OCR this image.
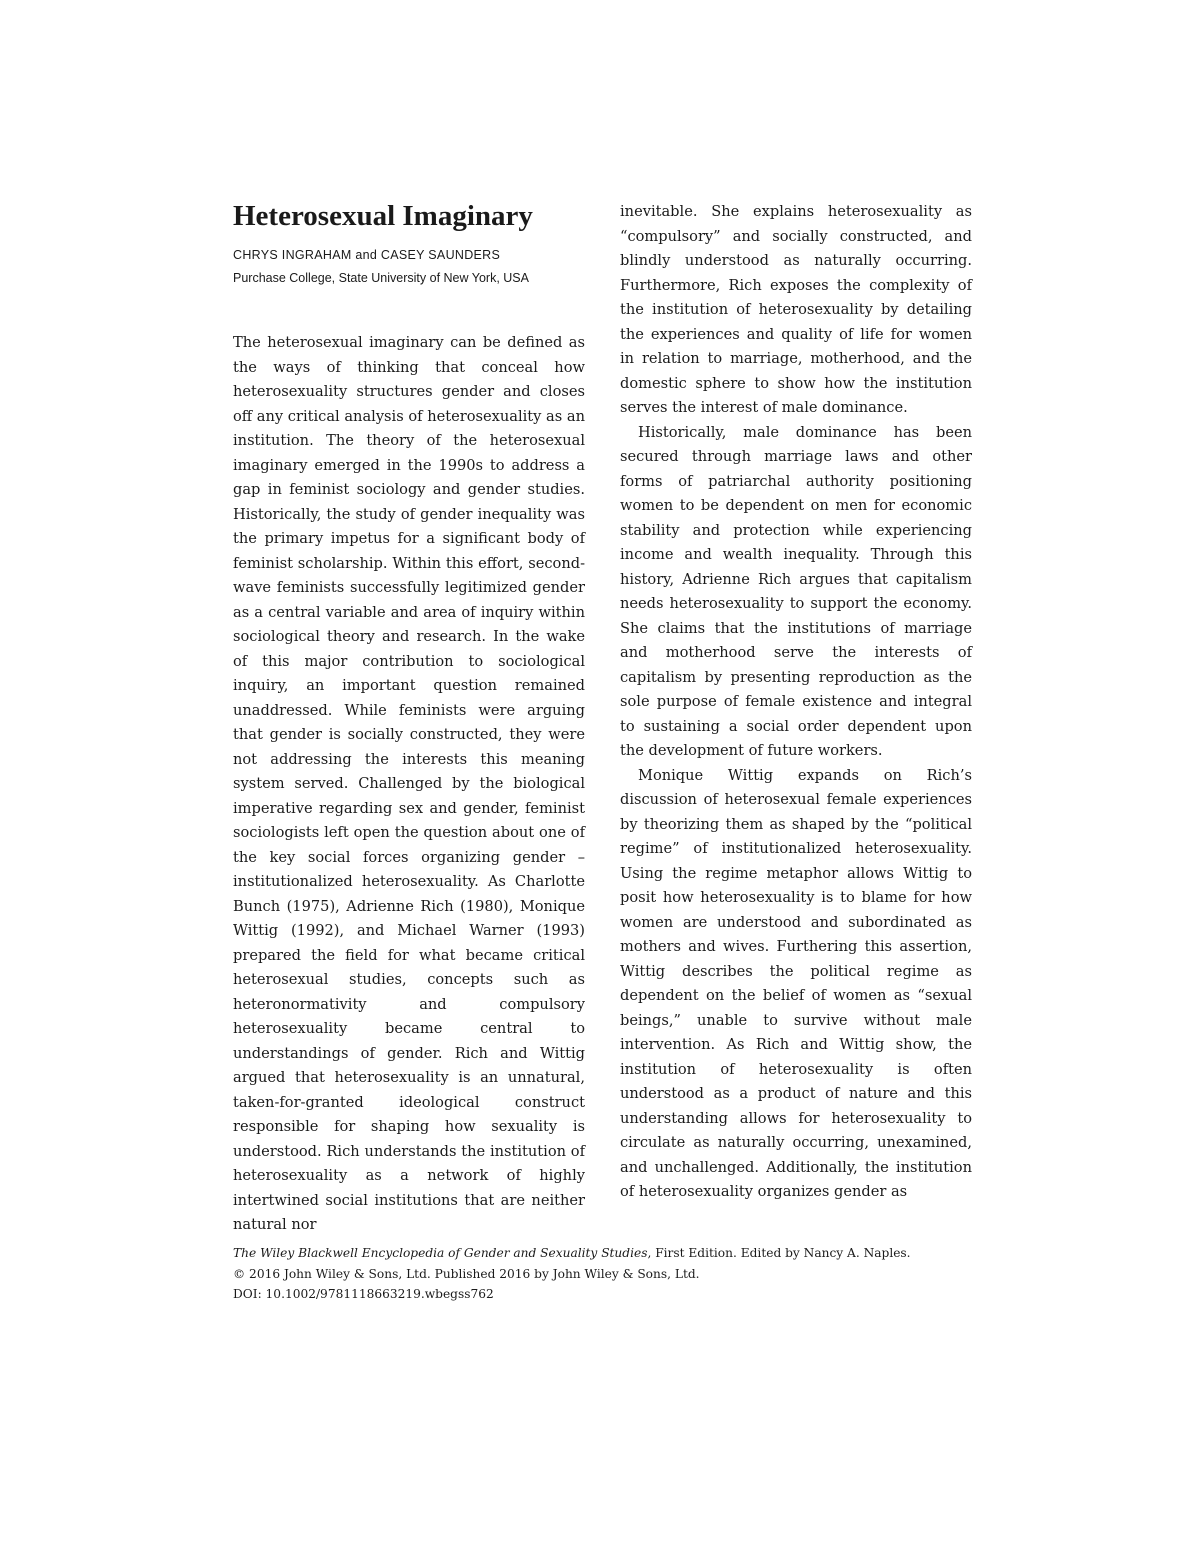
Heterosexual Imaginary
CHRYS INGRAHAM and CASEY SAUNDERS
Purchase College, State University of New York, USA

The heterosexual imaginary can be defined as the ways of thinking that conceal how heterosexuality structures gender and closes off any critical analysis of heterosexuality as an institution. The theory of the heterosexual imaginary emerged in the 1990s to address a gap in feminist sociology and gender studies. Historically, the study of gender inequality was the primary impetus for a significant body of feminist scholarship. Within this effort, second-wave feminists successfully legitimized gender as a central variable and area of inquiry within sociological theory and research. In the wake of this major contribution to sociological inquiry, an important question remained unaddressed. While feminists were arguing that gender is socially constructed, they were not addressing the interests this meaning system served. Challenged by the biological imperative regarding sex and gender, feminist sociologists left open the question about one of the key social forces organizing gender – institutionalized heterosexuality. As Charlotte Bunch (1975), Adrienne Rich (1980), Monique Wittig (1992), and Michael Warner (1993) prepared the field for what became critical heterosexual studies, concepts such as heteronormativity and compulsory heterosexuality became central to understandings of gender. Rich and Wittig argued that heterosexuality is an unnatural, taken-for-granted ideological construct responsible for shaping how sexuality is understood. Rich understands the institution of heterosexuality as a network of highly intertwined social institutions that are neither natural nor

inevitable. She explains heterosexuality as “compulsory” and socially constructed, and blindly understood as naturally occurring. Furthermore, Rich exposes the complexity of the institution of heterosexuality by detailing the experiences and quality of life for women in relation to marriage, motherhood, and the domestic sphere to show how the institution serves the interest of male dominance.

Historically, male dominance has been secured through marriage laws and other forms of patriarchal authority positioning women to be dependent on men for economic stability and protection while experiencing income and wealth inequality. Through this history, Adrienne Rich argues that capitalism needs heterosexuality to support the economy. She claims that the institutions of marriage and motherhood serve the interests of capitalism by presenting reproduction as the sole purpose of female existence and integral to sustaining a social order dependent upon the development of future workers.

Monique Wittig expands on Rich’s discussion of heterosexual female experiences by theorizing them as shaped by the “political regime” of institutionalized heterosexuality. Using the regime metaphor allows Wittig to posit how heterosexuality is to blame for how women are understood and subordinated as mothers and wives. Furthering this assertion, Wittig describes the political regime as dependent on the belief of women as “sexual beings,” unable to survive without male intervention. As Rich and Wittig show, the institution of heterosexuality is often understood as a product of nature and this understanding allows for heterosexuality to circulate as naturally occurring, unexamined, and unchallenged. Additionally, the institution of heterosexuality organizes gender as

The Wiley Blackwell Encyclopedia of Gender and Sexuality Studies, First Edition. Edited by Nancy A. Naples.
© 2016 John Wiley & Sons, Ltd. Published 2016 by John Wiley & Sons, Ltd.
DOI: 10.1002/9781118663219.wbegss762
